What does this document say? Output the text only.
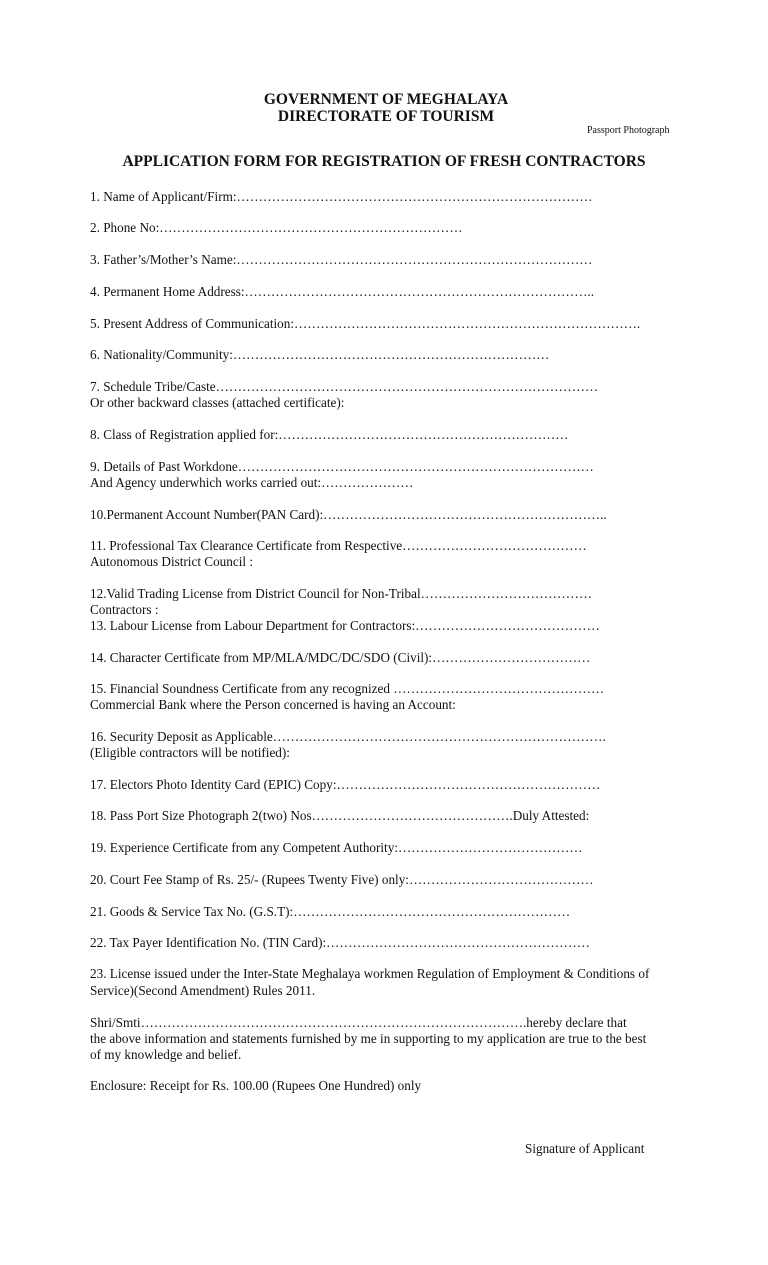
GOVERNMENT OF MEGHALAYA
DIRECTORATE OF TOURISM
Passport Photograph
APPLICATION FORM FOR REGISTRATION OF FRESH CONTRACTORS
1. Name of Applicant/Firm:………………………………………………………………………
2. Phone No:……………………………………………………………
3. Father’s/Mother’s Name:………………………………………………………………………
4. Permanent Home Address:……………………………………………………………………..
5. Present Address of Communication:…………………………………………………………………….
6. Nationality/Community:………………………………………………………………
7. Schedule Tribe/Caste……………………………………………………………………………
Or other backward classes (attached certificate):
8. Class of Registration applied for:…………………………………………………………
9. Details of Past Workdone………………………………………………………………………
And Agency underwhich works carried out:…………………
10.Permanent Account Number(PAN Card):………………………………………………………..
11. Professional Tax Clearance Certificate from Respective……………………………………
Autonomous District Council :
12.Valid Trading License from District Council for Non-Tribal…………………………………
Contractors :
13. Labour License from Labour Department for Contractors:……………………………………
14. Character Certificate from MP/MLA/MDC/DC/SDO (Civil):………………………………
15. Financial Soundness Certificate from any recognized …………………………………………
Commercial Bank where the Person concerned is having an Account:
16. Security Deposit as Applicable………………………………………………………………….
(Eligible contractors will be notified):
17. Electors Photo Identity Card (EPIC) Copy:……………………………………………………
18. Pass Port Size Photograph 2(two) Nos……………………………………….Duly Attested:
19. Experience Certificate from any Competent Authority:……………………………………
20. Court Fee Stamp of Rs. 25/- (Rupees Twenty Five) only:……………………………………
21. Goods & Service Tax No. (G.S.T):………………………………………………………
22. Tax Payer Identification No. (TIN Card):……………………………………………………
23. License issued under the Inter-State Meghalaya workmen Regulation of Employment & Conditions of
Service)(Second Amendment) Rules 2011.
Shri/Smti…………………………………………………………………………….hereby declare that
the above information and statements furnished by me in supporting to my application are true to the best
of my knowledge and belief.
Enclosure: Receipt for Rs. 100.00 (Rupees One Hundred) only
Signature of Applicant
